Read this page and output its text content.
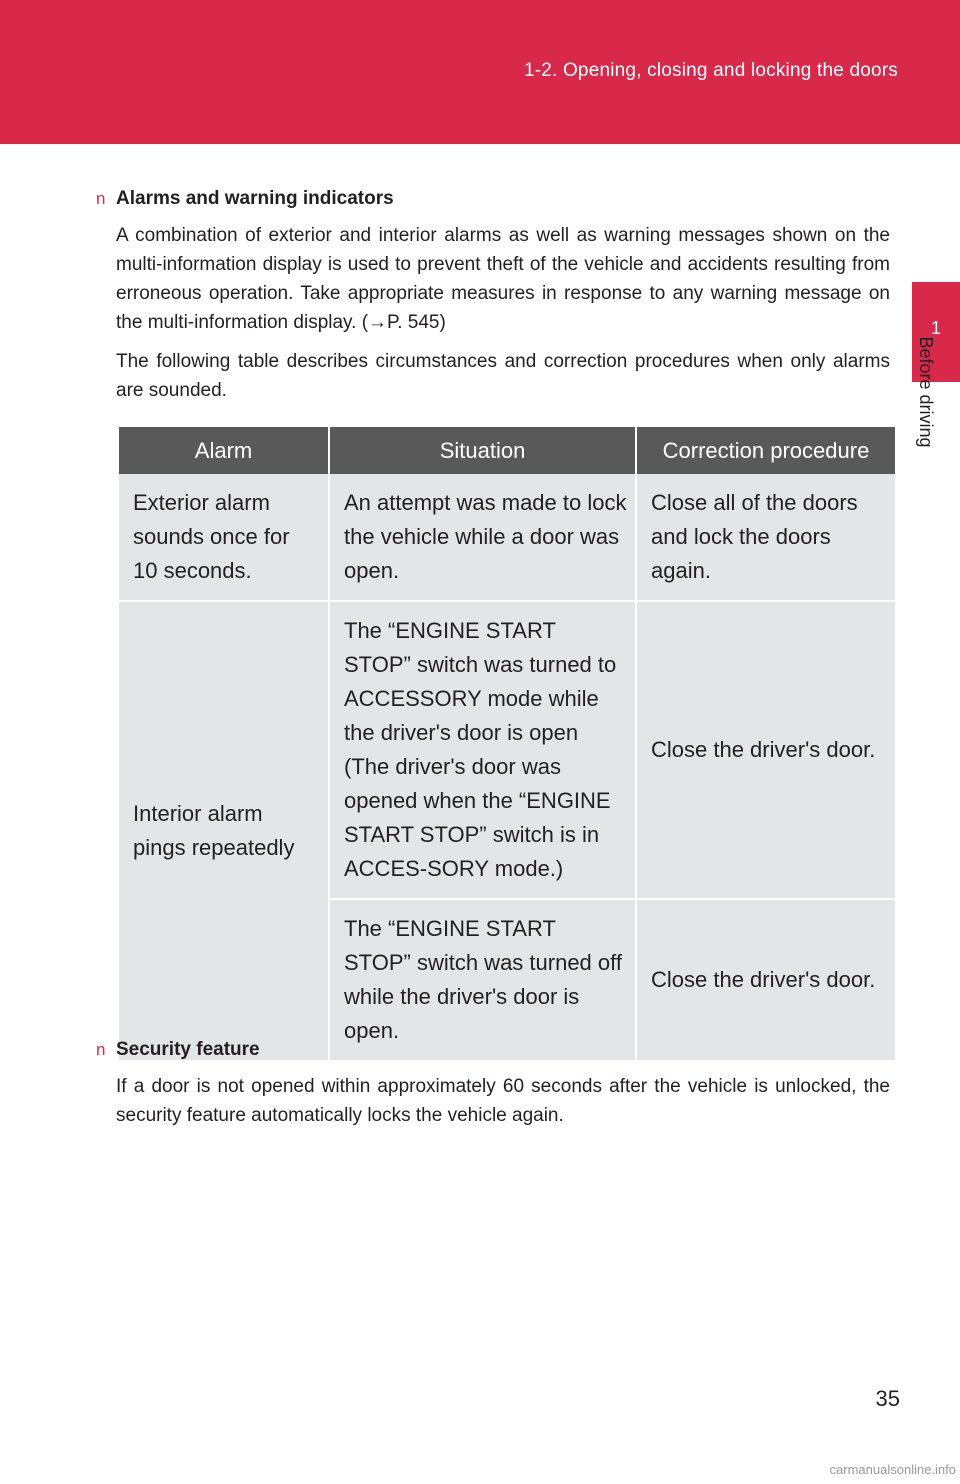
1-2. Opening, closing and locking the doors
1
Before driving

n Alarms and warning indicators

A combination of exterior and interior alarms as well as warning messages shown on the multi-information display is used to prevent theft of the vehicle and accidents resulting from erroneous operation. Take appropriate measures in response to any warning message on the multi-information display. (→P. 545)

The following table describes circumstances and correction procedures when only alarms are sounded.

Alarm	Situation	Correction procedure
Exterior alarm sounds once for 10 seconds.	An attempt was made to lock the vehicle while a door was open.	Close all of the doors and lock the doors again.
Interior alarm pings repeatedly	The “ENGINE START STOP” switch was turned to ACCESSORY mode while the driver's door is open (The driver's door was opened when the “ENGINE START STOP” switch is in ACCES-SORY mode.)	Close the driver's door.
	The “ENGINE START STOP” switch was turned off while the driver's door is open.	Close the driver's door.

n Security feature

If a door is not opened within approximately 60 seconds after the vehicle is unlocked, the security feature automatically locks the vehicle again.

35
carmanualsonline.info
